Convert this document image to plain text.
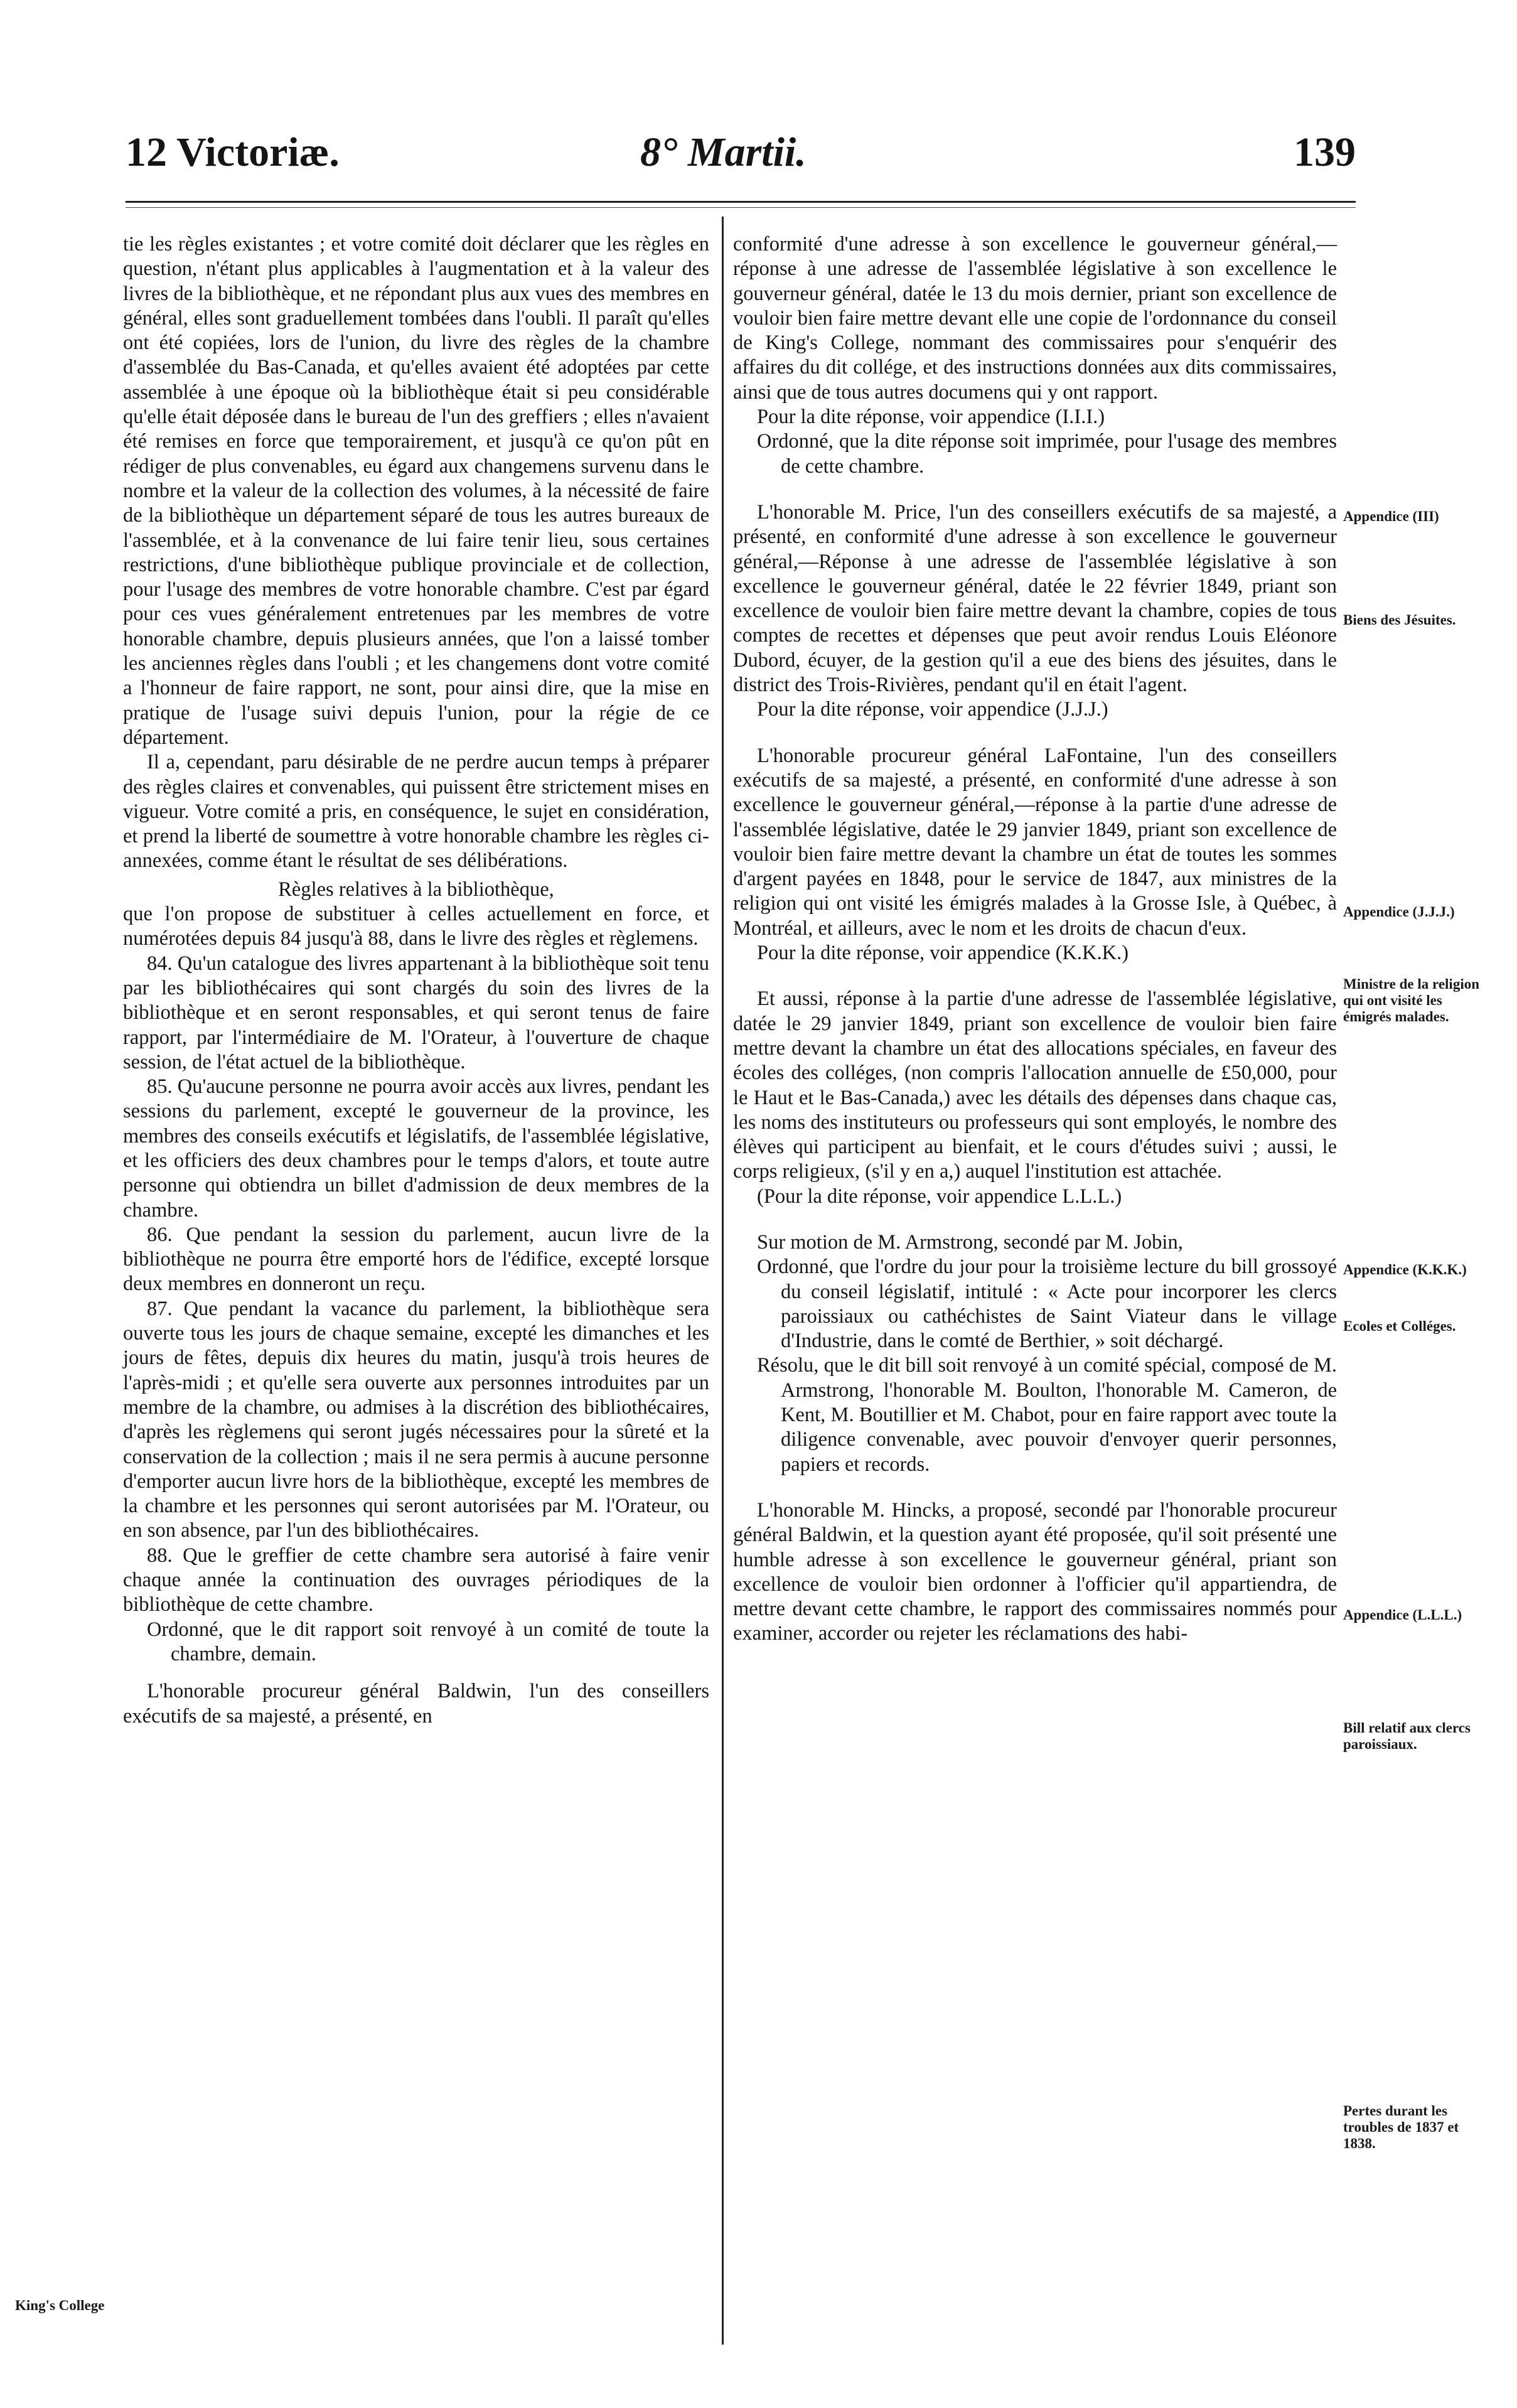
12 Victoriæ.	8° Martii.	139

tie les règles existantes ; et votre comité doit déclarer que les règles en question, n'étant plus applicables à l'augmentation et à la valeur des livres de la bibliothèque, et ne répondant plus aux vues des membres en général, elles sont graduellement tombées dans l'oubli. Il paraît qu'elles ont été copiées, lors de l'union, du livre des règles de la chambre d'assemblée du Bas-Canada, et qu'elles avaient été adoptées par cette assemblée à une époque où la bibliothèque était si peu considérable qu'elle était déposée dans le bureau de l'un des greffiers ; elles n'avaient été remises en force que temporairement, et jusqu'à ce qu'on pût en rédiger de plus convenables, eu égard aux changemens survenu dans le nombre et la valeur de la collection des volumes, à la nécessité de faire de la bibliothèque un département séparé de tous les autres bureaux de l'assemblée, et à la convenance de lui faire tenir lieu, sous certaines restrictions, d'une bibliothèque publique provinciale et de collection, pour l'usage des membres de votre honorable chambre. C'est par égard pour ces vues généralement entretenues par les membres de votre honorable chambre, depuis plusieurs années, que l'on a laissé tomber les anciennes règles dans l'oubli ; et les changemens dont votre comité a l'honneur de faire rapport, ne sont, pour ainsi dire, que la mise en pratique de l'usage suivi depuis l'union, pour la régie de ce département.

Il a, cependant, paru désirable de ne perdre aucun temps à préparer des règles claires et convenables, qui puissent être strictement mises en vigueur. Votre comité a pris, en conséquence, le sujet en considération, et prend la liberté de soumettre à votre honorable chambre les règles ci-annexées, comme étant le résultat de ses délibérations.

Règles relatives à la bibliothèque,

que l'on propose de substituer à celles actuellement en force, et numérotées depuis 84 jusqu'à 88, dans le livre des règles et règlemens.

84. Qu'un catalogue des livres appartenant à la bibliothèque soit tenu par les bibliothécaires qui sont chargés du soin des livres de la bibliothèque et en seront responsables, et qui seront tenus de faire rapport, par l'intermédiaire de M. l'Orateur, à l'ouverture de chaque session, de l'état actuel de la bibliothèque.

85. Qu'aucune personne ne pourra avoir accès aux livres, pendant les sessions du parlement, excepté le gouverneur de la province, les membres des conseils exécutifs et législatifs, de l'assemblée législative, et les officiers des deux chambres pour le temps d'alors, et toute autre personne qui obtiendra un billet d'admission de deux membres de la chambre.

86. Que pendant la session du parlement, aucun livre de la bibliothèque ne pourra être emporté hors de l'édifice, excepté lorsque deux membres en donneront un reçu.

87. Que pendant la vacance du parlement, la bibliothèque sera ouverte tous les jours de chaque semaine, excepté les dimanches et les jours de fêtes, depuis dix heures du matin, jusqu'à trois heures de l'après-midi ; et qu'elle sera ouverte aux personnes introduites par un membre de la chambre, ou admises à la discrétion des bibliothécaires, d'après les règlemens qui seront jugés nécessaires pour la sûreté et la conservation de la collection ; mais il ne sera permis à aucune personne d'emporter aucun livre hors de la bibliothèque, excepté les membres de la chambre et les personnes qui seront autorisées par M. l'Orateur, ou en son absence, par l'un des bibliothécaires.

88. Que le greffier de cette chambre sera autorisé à faire venir chaque année la continuation des ouvrages périodiques de la bibliothèque de cette chambre.

Ordonné, que le dit rapport soit renvoyé à un comité de toute la chambre, demain.

L'honorable procureur général Baldwin, l'un des conseillers exécutifs de sa majesté, a présenté, en

King's College

conformité d'une adresse à son excellence le gouverneur général,—réponse à une adresse de l'assemblée législative à son excellence le gouverneur général, datée le 13 du mois dernier, priant son excellence de vouloir bien faire mettre devant elle une copie de l'ordonnance du conseil de King's College, nommant des commissaires pour s'enquérir des affaires du dit collége, et des instructions données aux dits commissaires, ainsi que de tous autres documens qui y ont rapport.

Pour la dite réponse, voir appendice (I.I.I.)

Ordonné, que la dite réponse soit imprimée, pour l'usage des membres de cette chambre.

L'honorable M. Price, l'un des conseillers exécutifs de sa majesté, a présenté, en conformité d'une adresse à son excellence le gouverneur général,—Réponse à une adresse de l'assemblée législative à son excellence le gouverneur général, datée le 22 février 1849, priant son excellence de vouloir bien faire mettre devant la chambre, copies de tous comptes de recettes et dépenses que peut avoir rendus Louis Eléonore Dubord, écuyer, de la gestion qu'il a eue des biens des jésuites, dans le district des Trois-Rivières, pendant qu'il en était l'agent.

Pour la dite réponse, voir appendice (J.J.J.)

L'honorable procureur général LaFontaine, l'un des conseillers exécutifs de sa majesté, a présenté, en conformité d'une adresse à son excellence le gouverneur général,—réponse à la partie d'une adresse de l'assemblée législative, datée le 29 janvier 1849, priant son excellence de vouloir bien faire mettre devant la chambre un état de toutes les sommes d'argent payées en 1848, pour le service de 1847, aux ministres de la religion qui ont visité les émigrés malades à la Grosse Isle, à Québec, à Montréal, et ailleurs, avec le nom et les droits de chacun d'eux.

Pour la dite réponse, voir appendice (K.K.K.)

Et aussi, réponse à la partie d'une adresse de l'assemblée législative, datée le 29 janvier 1849, priant son excellence de vouloir bien faire mettre devant la chambre un état des allocations spéciales, en faveur des écoles des colléges, (non compris l'allocation annuelle de £50,000, pour le Haut et le Bas-Canada,) avec les détails des dépenses dans chaque cas, les noms des instituteurs ou professeurs qui sont employés, le nombre des élèves qui participent au bienfait, et le cours d'études suivi ; aussi, le corps religieux, (s'il y en a,) auquel l'institution est attachée.

(Pour la dite réponse, voir appendice L.L.L.)

Sur motion de M. Armstrong, secondé par M. Jobin,

Ordonné, que l'ordre du jour pour la troisième lecture du bill grossoyé du conseil législatif, intitulé : « Acte pour incorporer les clercs paroissiaux ou cathéchistes de Saint Viateur dans le village d'Industrie, dans le comté de Berthier, » soit déchargé.

Résolu, que le dit bill soit renvoyé à un comité spécial, composé de M. Armstrong, l'honorable M. Boulton, l'honorable M. Cameron, de Kent, M. Boutillier et M. Chabot, pour en faire rapport avec toute la diligence convenable, avec pouvoir d'envoyer querir personnes, papiers et records.

L'honorable M. Hincks, a proposé, secondé par l'honorable procureur général Baldwin, et la question ayant été proposée, qu'il soit présenté une humble adresse à son excellence le gouverneur général, priant son excellence de vouloir bien ordonner à l'officier qu'il appartiendra, de mettre devant cette chambre, le rapport des commissaires nommés pour examiner, accorder ou rejeter les réclamations des habi-

Appendice (III)
Biens des Jésuites.
Appendice (J.J.J.)
Ministre de la religion qui ont visité les émigrés malades.
Appendice (K.K.K.)
Ecoles et Colléges.
Appendice (L.L.L.)
Bill relatif aux clercs paroissiaux.
Pertes durant les troubles de 1837 et 1838.
